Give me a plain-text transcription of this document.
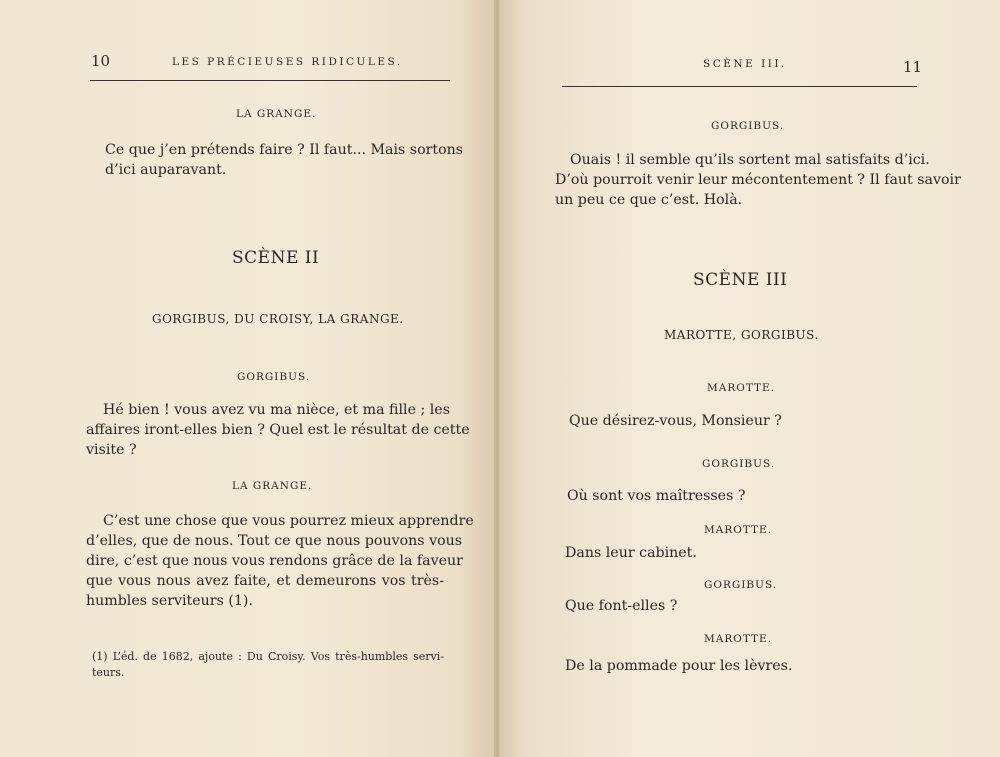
10	LES PRÉCIEUSES RIDICULES.
LA GRANGE.
Ce que j’en prétends faire ? Il faut... Mais sortons
d’ici auparavant.
SCÈNE II
GORGIBUS, DU CROISY, LA GRANGE.
GORGIBUS.
Hé bien ! vous avez vu ma nièce, et ma fille ; les
affaires iront-elles bien ? Quel est le résultat de cette
visite ?
LA GRANGE.
C’est une chose que vous pourrez mieux apprendre
d’elles, que de nous. Tout ce que nous pouvons vous
dire, c’est que nous vous rendons grâce de la faveur
que vous nous avez faite, et demeurons vos très-
humbles serviteurs (1).
(1) L’éd. de 1682, ajoute : Du Croisy. Vos très-humbles servi-
teurs.
SCÈNE III.	11
GORGIBUS.
Ouais ! il semble qu’ils sortent mal satisfaits d’ici.
D’où pourroit venir leur mécontentement ? Il faut savoir
un peu ce que c’est. Holà.
SCÈNE III
MAROTTE, GORGIBUS.
MAROTTE.
Que désirez-vous, Monsieur ?
GORGIBUS.
Où sont vos maîtresses ?
MAROTTE.
Dans leur cabinet.
GORGIBUS.
Que font-elles ?
MAROTTE.
De la pommade pour les lèvres.
